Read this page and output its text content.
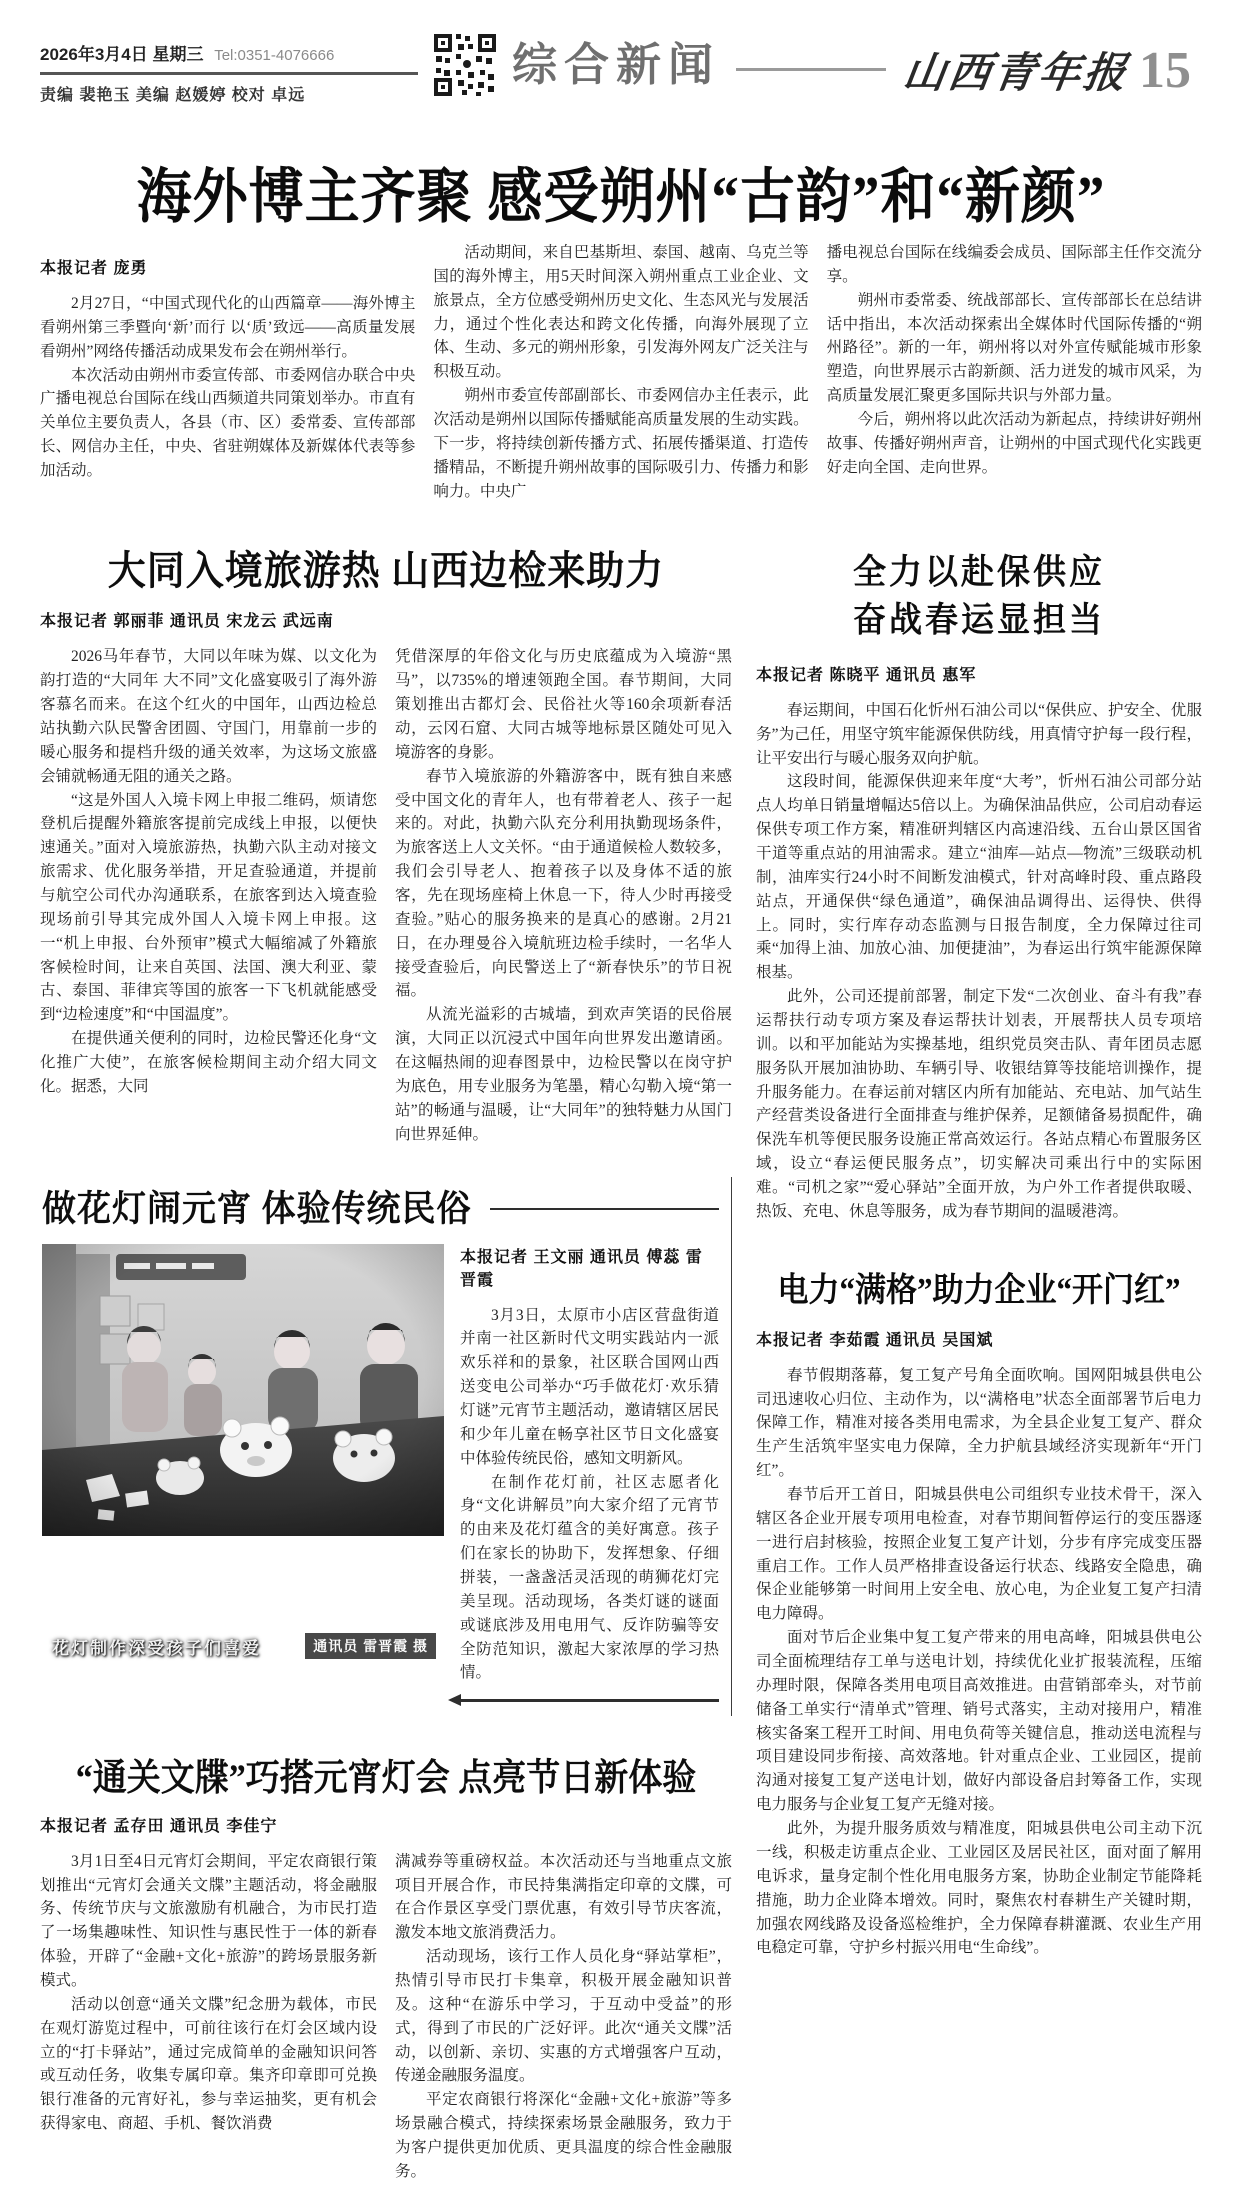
2026年3月4日 星期三 Tel:0351-4076666
责编 裴艳玉 美编 赵媛婷 校对 卓远
综合新闻	山西青年报 15
海外博主齐聚 感受朔州“古韵”和“新颜”
本报记者 庞勇

2月27日，“中国式现代化的山西篇章——海外博主看朔州第三季暨向‘新’而行 以‘质’致远——高质量发展看朔州”网络传播活动成果发布会在朔州举行。

本次活动由朔州市委宣传部、市委网信办联合中央广播电视总台国际在线山西频道共同策划举办。市直有关单位主要负责人，各县（市、区）委常委、宣传部部长、网信办主任，中央、省驻朔媒体及新媒体代表等参加活动。

活动期间，来自巴基斯坦、泰国、越南、乌克兰等国的海外博主，用5天时间深入朔州重点工业企业、文旅景点，全方位感受朔州历史文化、生态风光与发展活力，通过个性化表达和跨文化传播，向海外展现了立体、生动、多元的朔州形象，引发海外网友广泛关注与积极互动。

朔州市委宣传部副部长、市委网信办主任表示，此次活动是朔州以国际传播赋能高质量发展的生动实践。下一步，将持续创新传播方式、拓展传播渠道、打造传播精品，不断提升朔州故事的国际吸引力、传播力和影响力。中央广

播电视总台国际在线编委会成员、国际部主任作交流分享。

朔州市委常委、统战部部长、宣传部部长在总结讲话中指出，本次活动探索出全媒体时代国际传播的“朔州路径”。新的一年，朔州将以对外宣传赋能城市形象塑造，向世界展示古韵新颜、活力迸发的城市风采，为高质量发展汇聚更多国际共识与外部力量。

今后，朔州将以此次活动为新起点，持续讲好朔州故事、传播好朔州声音，让朔州的中国式现代化实践更好走向全国、走向世界。

大同入境旅游热 山西边检来助力
本报记者 郭丽菲 通讯员 宋龙云 武远南

2026马年春节，大同以年味为媒、以文化为韵打造的“大同年 大不同”文化盛宴吸引了海外游客慕名而来。在这个红火的中国年，山西边检总站执勤六队民警舍团圆、守国门，用靠前一步的暖心服务和提档升级的通关效率，为这场文旅盛会铺就畅通无阻的通关之路。

“这是外国人入境卡网上申报二维码，烦请您登机后提醒外籍旅客提前完成线上申报，以便快速通关。”面对入境旅游热，执勤六队主动对接文旅需求、优化服务举措，开足查验通道，并提前与航空公司代办沟通联系，在旅客到达入境查验现场前引导其完成外国人入境卡网上申报。这一“机上申报、台外预审”模式大幅缩减了外籍旅客候检时间，让来自英国、法国、澳大利亚、蒙古、泰国、菲律宾等国的旅客一下飞机就能感受到“边检速度”和“中国温度”。

在提供通关便利的同时，边检民警还化身“文化推广大使”，在旅客候检期间主动介绍大同文化。据悉，大同

凭借深厚的年俗文化与历史底蕴成为入境游“黑马”，以735%的增速领跑全国。春节期间，大同策划推出古都灯会、民俗社火等160余项新春活动，云冈石窟、大同古城等地标景区随处可见入境游客的身影。

春节入境旅游的外籍游客中，既有独自来感受中国文化的青年人，也有带着老人、孩子一起来的。对此，执勤六队充分利用执勤现场条件，为旅客送上人文关怀。“由于通道候检人数较多，我们会引导老人、抱着孩子以及身体不适的旅客，先在现场座椅上休息一下，待人少时再接受查验。”贴心的服务换来的是真心的感谢。2月21日，在办理曼谷入境航班边检手续时，一名华人接受查验后，向民警送上了“新春快乐”的节日祝福。

从流光溢彩的古城墙，到欢声笑语的民俗展演，大同正以沉浸式中国年向世界发出邀请函。在这幅热闹的迎春图景中，边检民警以在岗守护为底色，用专业服务为笔墨，精心勾勒入境“第一站”的畅通与温暖，让“大同年”的独特魅力从国门向世界延伸。

做花灯闹元宵 体验传统民俗
花灯制作深受孩子们喜爱	通讯员 雷晋霞 摄
本报记者 王文丽 通讯员 傅蕊 雷晋霞

3月3日，太原市小店区营盘街道并南一社区新时代文明实践站内一派欢乐祥和的景象，社区联合国网山西送变电公司举办“巧手做花灯·欢乐猜灯谜”元宵节主题活动，邀请辖区居民和少年儿童在畅享社区节日文化盛宴中体验传统民俗，感知文明新风。

在制作花灯前，社区志愿者化身“文化讲解员”向大家介绍了元宵节的由来及花灯蕴含的美好寓意。孩子们在家长的协助下，发挥想象、仔细拼装，一盏盏活灵活现的萌狮花灯完美呈现。活动现场，各类灯谜的谜面或谜底涉及用电用气、反诈防骗等安全防范知识，激起大家浓厚的学习热情。

“通关文牒”巧搭元宵灯会 点亮节日新体验
本报记者 孟存田 通讯员 李佳宁

3月1日至4日元宵灯会期间，平定农商银行策划推出“元宵灯会通关文牒”主题活动，将金融服务、传统节庆与文旅激励有机融合，为市民打造了一场集趣味性、知识性与惠民性于一体的新春体验，开辟了“金融+文化+旅游”的跨场景服务新模式。

活动以创意“通关文牒”纪念册为载体，市民在观灯游览过程中，可前往该行在灯会区域内设立的“打卡驿站”，通过完成简单的金融知识问答或互动任务，收集专属印章。集齐印章即可兑换银行准备的元宵好礼，参与幸运抽奖，更有机会获得家电、商超、手机、餐饮消费

满减券等重磅权益。本次活动还与当地重点文旅项目开展合作，市民持集满指定印章的文牒，可在合作景区享受门票优惠，有效引导节庆客流，激发本地文旅消费活力。

活动现场，该行工作人员化身“驿站掌柜”，热情引导市民打卡集章，积极开展金融知识普及。这种“在游乐中学习，于互动中受益”的形式，得到了市民的广泛好评。此次“通关文牒”活动，以创新、亲切、实惠的方式增强客户互动，传递金融服务温度。

平定农商银行将深化“金融+文化+旅游”等多场景融合模式，持续探索场景金融服务，致力于为客户提供更加优质、更具温度的综合性金融服务。

全力以赴保供应
奋战春运显担当
本报记者 陈晓平 通讯员 惠军

春运期间，中国石化忻州石油公司以“保供应、护安全、优服务”为己任，用坚守筑牢能源保供防线，用真情守护每一段行程，让平安出行与暖心服务双向护航。

这段时间，能源保供迎来年度“大考”，忻州石油公司部分站点人均单日销量增幅达5倍以上。为确保油品供应，公司启动春运保供专项工作方案，精准研判辖区内高速沿线、五台山景区国省干道等重点站的用油需求。建立“油库—站点—物流”三级联动机制，油库实行24小时不间断发油模式，针对高峰时段、重点路段站点，开通保供“绿色通道”，确保油品调得出、运得快、供得上。同时，实行库存动态监测与日报告制度，全力保障过往司乘“加得上油、加放心油、加便捷油”，为春运出行筑牢能源保障根基。

此外，公司还提前部署，制定下发“二次创业、奋斗有我”春运帮扶行动专项方案及春运帮扶计划表，开展帮扶人员专项培训。以和平加能站为实操基地，组织党员突击队、青年团员志愿服务队开展加油协助、车辆引导、收银结算等技能培训操作，提升服务能力。在春运前对辖区内所有加能站、充电站、加气站生产经营类设备进行全面排查与维护保养，足额储备易损配件，确保洗车机等便民服务设施正常高效运行。各站点精心布置服务区域，设立“春运便民服务点”，切实解决司乘出行中的实际困难。“司机之家”“爱心驿站”全面开放，为户外工作者提供取暖、热饭、充电、休息等服务，成为春节期间的温暖港湾。

电力“满格”助力企业“开门红”
本报记者 李茹霞 通讯员 吴国斌

春节假期落幕，复工复产号角全面吹响。国网阳城县供电公司迅速收心归位、主动作为，以“满格电”状态全面部署节后电力保障工作，精准对接各类用电需求，为全县企业复工复产、群众生产生活筑牢坚实电力保障，全力护航县域经济实现新年“开门红”。

春节后开工首日，阳城县供电公司组织专业技术骨干，深入辖区各企业开展专项用电检查，对春节期间暂停运行的变压器逐一进行启封核验，按照企业复工复产计划，分步有序完成变压器重启工作。工作人员严格排查设备运行状态、线路安全隐患，确保企业能够第一时间用上安全电、放心电，为企业复工复产扫清电力障碍。

面对节后企业集中复工复产带来的用电高峰，阳城县供电公司全面梳理结存工单与送电计划，持续优化业扩报装流程，压缩办理时限，保障各类用电项目高效推进。由营销部牵头，对节前储备工单实行“清单式”管理、销号式落实，主动对接用户，精准核实备案工程开工时间、用电负荷等关键信息，推动送电流程与项目建设同步衔接、高效落地。针对重点企业、工业园区，提前沟通对接复工复产送电计划，做好内部设备启封筹备工作，实现电力服务与企业复工复产无缝对接。

此外，为提升服务质效与精准度，阳城县供电公司主动下沉一线，积极走访重点企业、工业园区及居民社区，面对面了解用电诉求，量身定制个性化用电服务方案，协助企业制定节能降耗措施，助力企业降本增效。同时，聚焦农村春耕生产关键时期，加强农网线路及设备巡检维护，全力保障春耕灌溉、农业生产用电稳定可靠，守护乡村振兴用电“生命线”。
